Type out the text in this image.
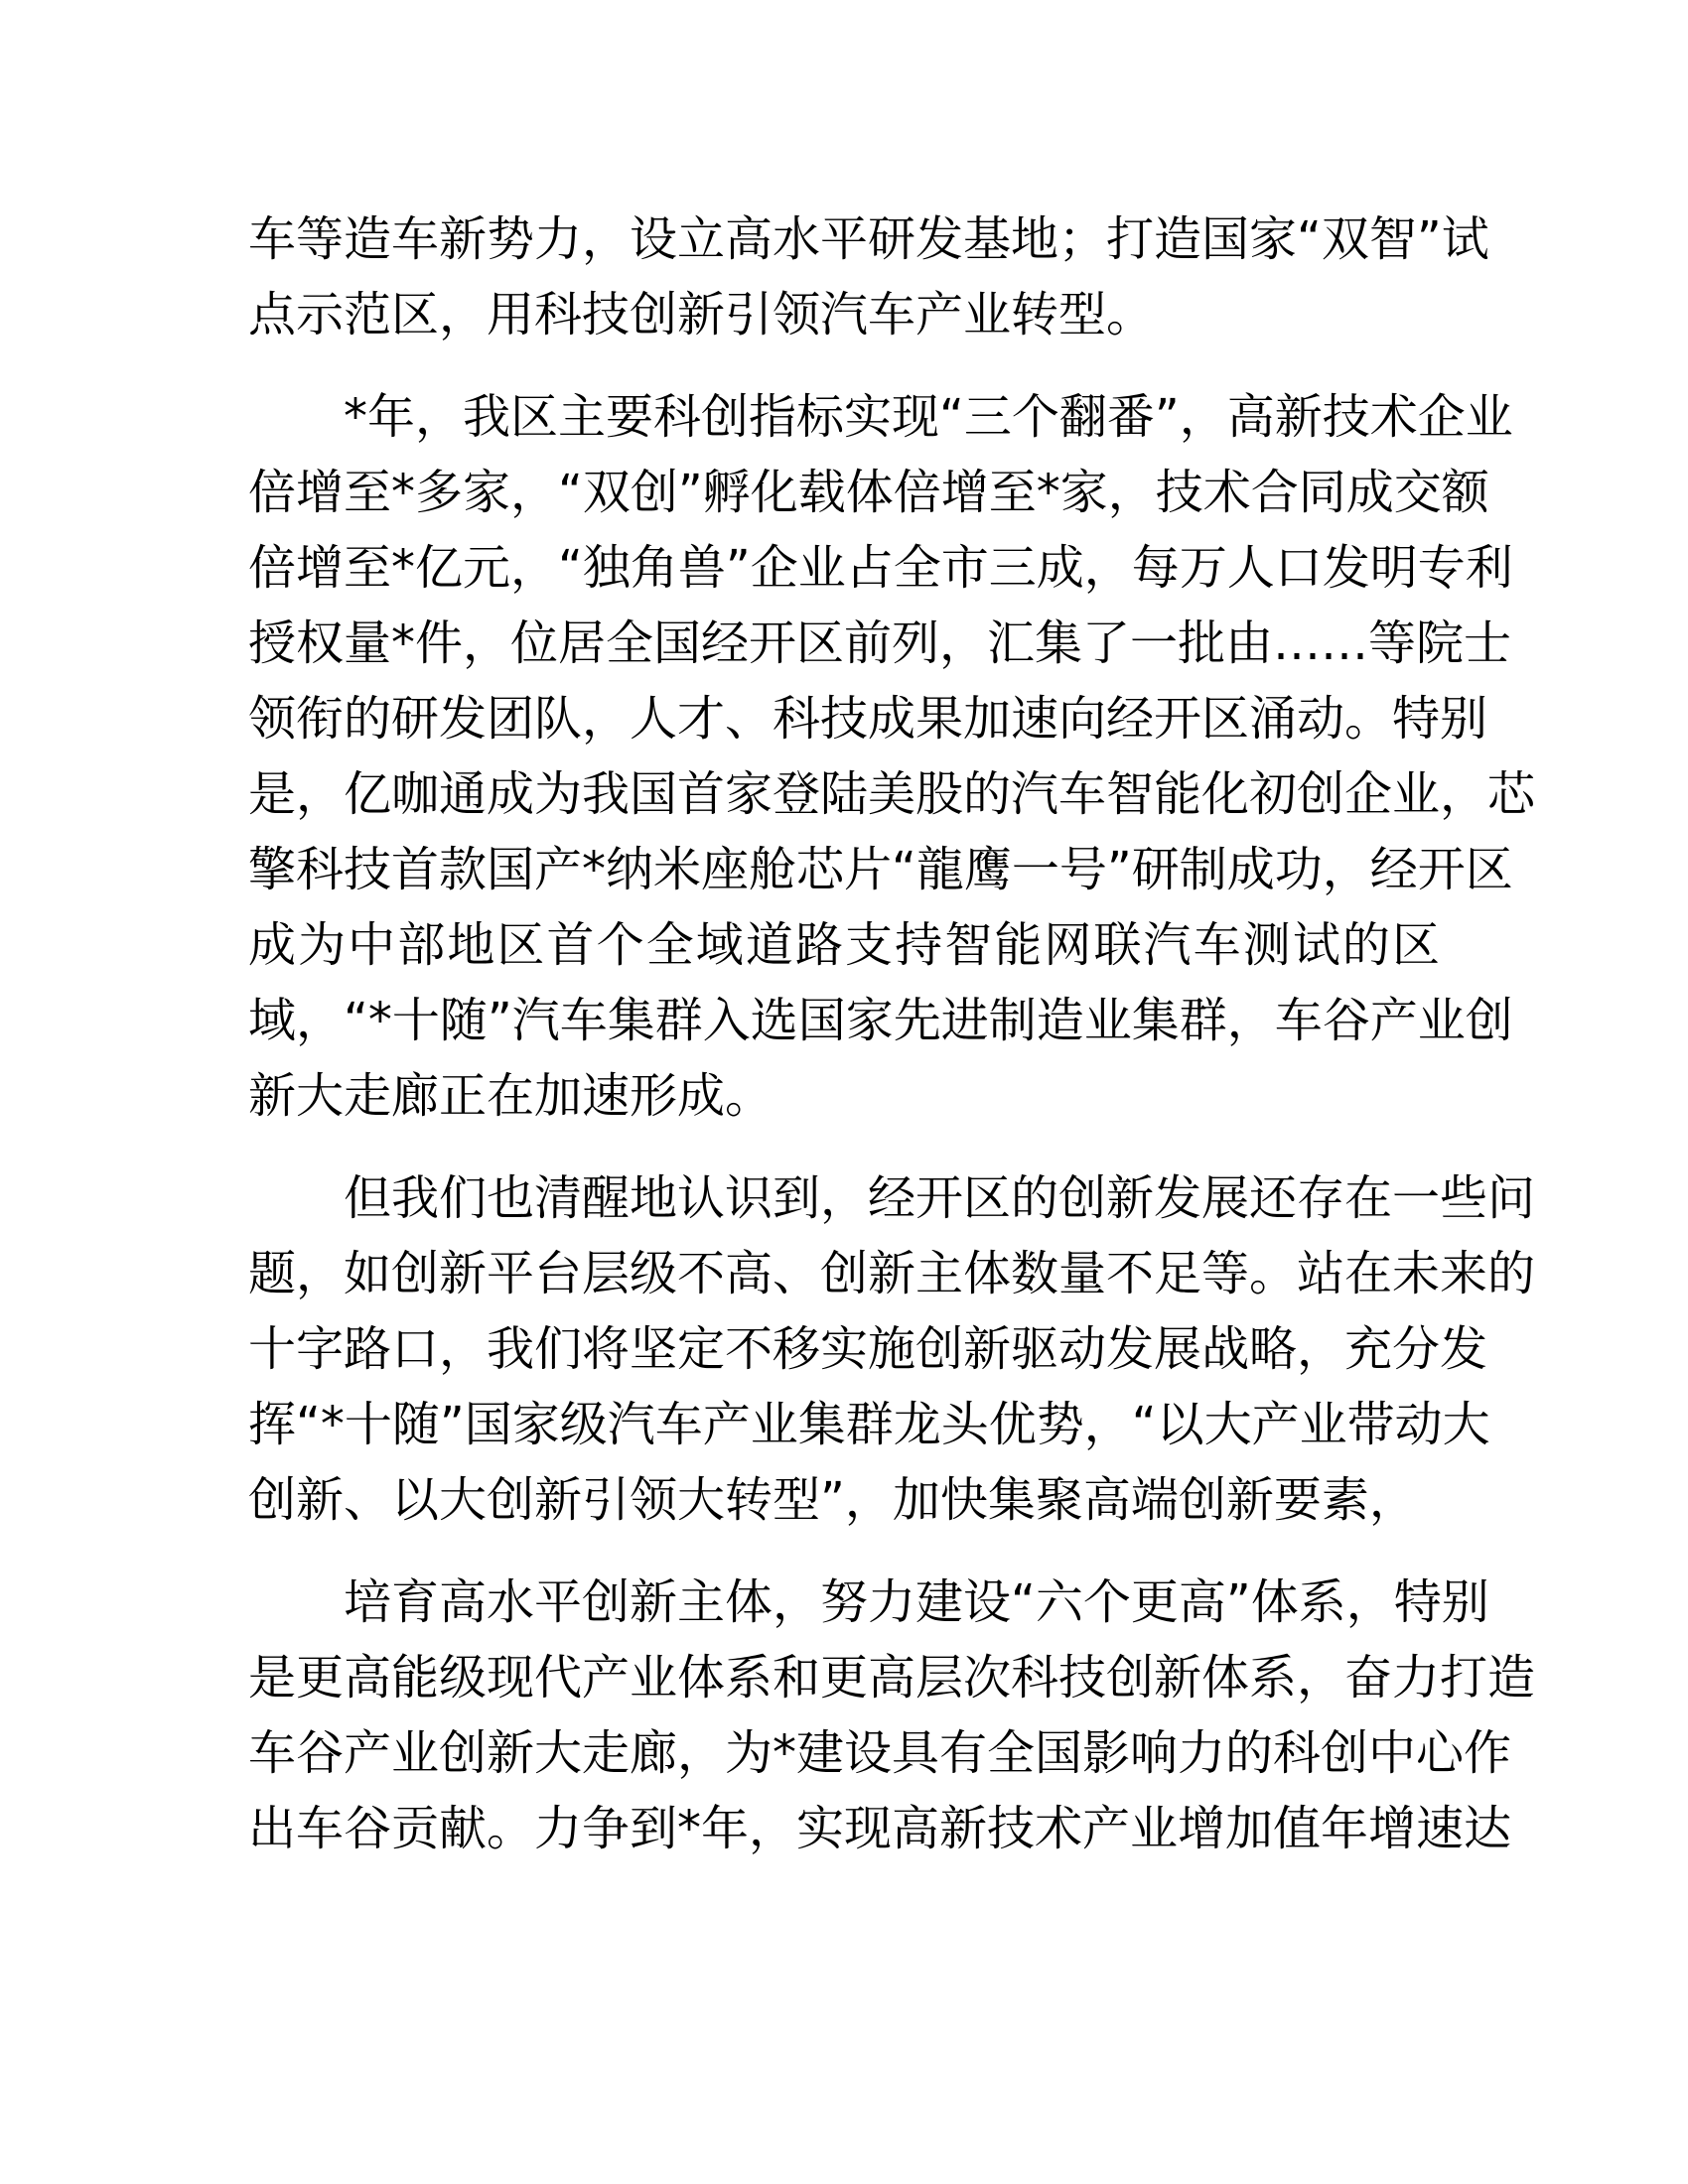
车等造车新势力，设立高水平研发基地；打造国家“双智”试
点示范区，用科技创新引领汽车产业转型。
*年，我区主要科创指标实现“三个翻番”，高新技术企业
倍增至*多家，“双创”孵化载体倍增至*家，技术合同成交额
倍增至*亿元，“独角兽”企业占全市三成，每万人口发明专利
授权量*件，位居全国经开区前列，汇集了一批由……等院士
领衔的研发团队，人才、科技成果加速向经开区涌动。特别
是，亿咖通成为我国首家登陆美股的汽车智能化初创企业，芯
擎科技首款国产*纳米座舱芯片“龍鹰一号”研制成功，经开区
成为中部地区首个全域道路支持智能网联汽车测试的区
域，“*十随”汽车集群入选国家先进制造业集群，车谷产业创
新大走廊正在加速形成。
但我们也清醒地认识到，经开区的创新发展还存在一些问
题，如创新平台层级不高、创新主体数量不足等。站在未来的
十字路口，我们将坚定不移实施创新驱动发展战略，充分发
挥“*十随”国家级汽车产业集群龙头优势，“以大产业带动大
创新、以大创新引领大转型”，加快集聚高端创新要素，
培育高水平创新主体，努力建设“六个更高”体系，特别
是更高能级现代产业体系和更高层次科技创新体系，奋力打造
车谷产业创新大走廊，为*建设具有全国影响力的科创中心作
出车谷贡献。力争到*年，实现高新技术产业增加值年增速达
